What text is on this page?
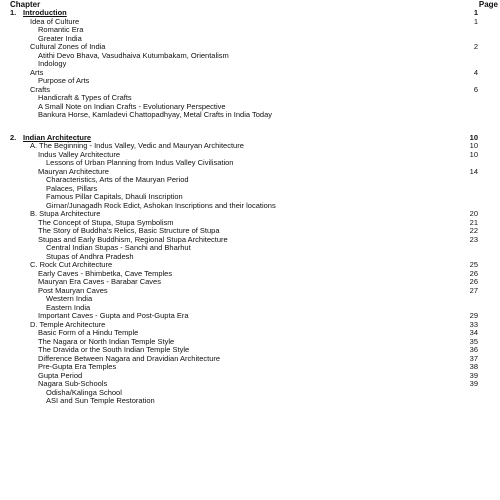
Chapter	Page
1. Introduction	1
Idea of Culture	1
Romantic Era
Greater India
Cultural Zones of India	2
Atithi Devo Bhava, Vasudhaiva Kutumbakam, Orientalism
Indology
Arts	4
Purpose of Arts
Crafts	6
Handicraft & Types of Crafts
A Small Note on Indian Crafts - Evolutionary Perspective
Bankura Horse, Kamladevi Chattopadhyay, Metal Crafts in India Today
2. Indian Architecture	10
A. The Beginning - Indus Valley, Vedic and Mauryan Architecture	10
Indus Valley Architecture	10
Lessons of Urban Planning from Indus Valley Civilisation
Mauryan Architecture	14
Characteristics, Arts of the Mauryan Period
Palaces, Pillars
Famous Pillar Capitals, Dhauli Inscription
Girnar/Junagadh Rock Edict, Ashokan Inscriptions and their locations
B. Stupa Architecture	20
The Concept of Stupa, Stupa Symbolism	21
The Story of Buddha's Relics, Basic Structure of Stupa	22
Stupas and Early Buddhism, Regional Stupa Architecture	23
Central Indian Stupas - Sanchi and Bharhut
Stupas of Andhra Pradesh
C. Rock Cut Architecture	25
Early Caves - Bhimbetka, Cave Temples	26
Mauryan Era Caves - Barabar Caves	26
Post Mauryan Caves	27
Western India
Eastern India
Important Caves - Gupta and Post-Gupta Era	29
D. Temple Architecture	33
Basic Form of a Hindu Temple	34
The Nagara or North Indian Temple Style	35
The Dravida or the South Indian Temple Style	36
Difference Between Nagara and Dravidian Architecture	37
Pre-Gupta Era Temples	38
Gupta Period	39
Nagara Sub-Schools	39
Odisha/Kalinga School
ASI and Sun Temple Restoration
